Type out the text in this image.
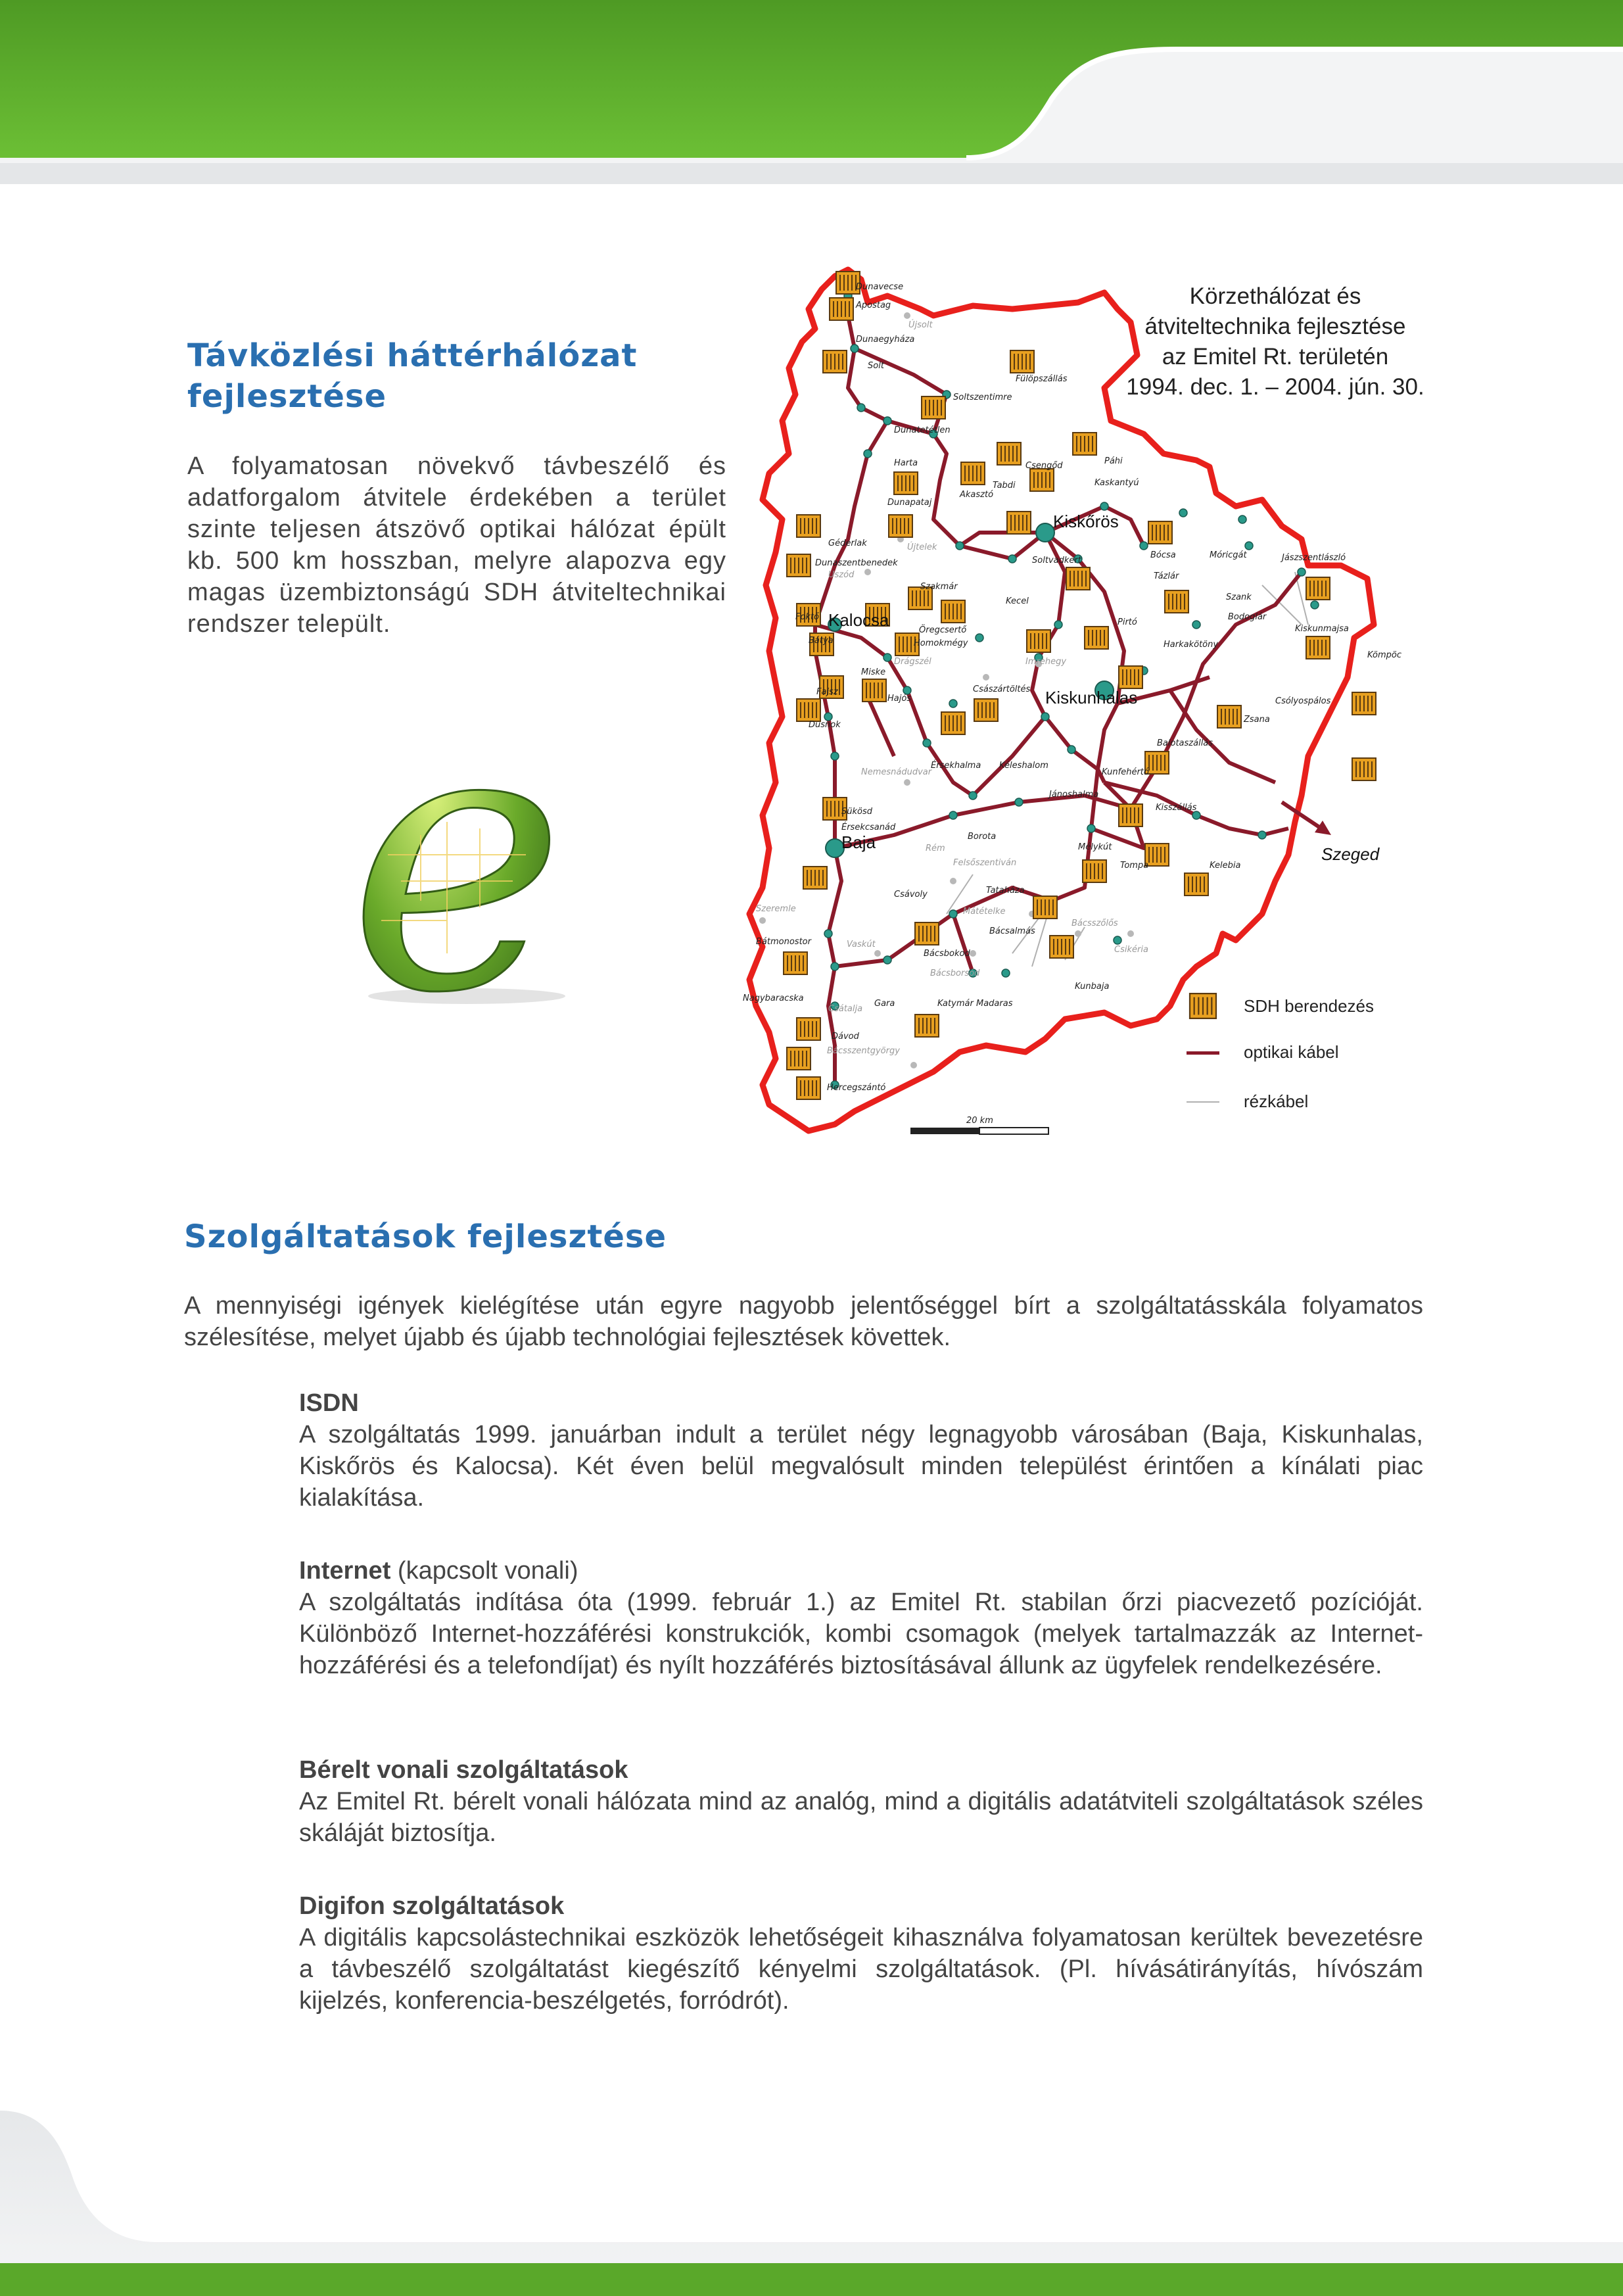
Távközlési háttérhálózat fejlesztése
A folyamatosan növekvő távbeszélő és adatforgalom átvitele érdekében a terület szinte teljesen átszövő optikai hálózat épült kb. 500 km hosszban, melyre alapozva egy magas üzembiztonságú SDH átviteltechnikai rendszer települt.
e
Kiskőrös
Kalocsa
Kiskunhalas
Baja
Szeged
Dunavecse
Apostag
Újsolt
Dunaegyháza
Solt
Fülöpszállás
Soltszentimre
Dunatetétlen
Harta	Csengőd	Páhi
Tabdi
Akasztó
Kaskantyú
Dunapataj
Géderlak	Újtelek
Dunaszentbenedek
Uszód
Soltvadkert
Bócsa	Móricgát	Jászszentlászló
Szakmár
Kecel
Tázlár
Szank
Bodoglár
Foktő
Öregcsertő
Pirtó
Kiskunmajsa
Bátya	Homokmégy	Harkakötöny
Kömpöc
Drágszél	Imrehegy
Miske
Császártöltés
Csólyospálos
Fajsz
Hajós
Zsana
Dusnok
Balotaszállás
Nemesnádudvar
Érsekhalma Kéleshalom
Kunfehértó
Sükösd
Jánoshalma
Érsekcsanád
Kisszállás
Borota
Rém	Mélykút
Felsőszentiván	Tompa	Kelebia
Szeremle
Csávoly	Tataháza
Mátételke
Bácsalmás
Bácsszőlős
Bátmonostor	Vaskút
Csikéria
Bácsbokod
Bácsborsód
Kunbaja
Nagybaracska
Csátalja
Gara	Katymár Madaras
Dávod
Bácsszentgyörgy
Hercegszántó
20 km
Körzethálózat és
átviteltechnika fejlesztése
az Emitel Rt. területén
1994. dec. 1. – 2004. jún. 30.
SDH berendezés
optikai kábel
rézkábel
Szolgáltatások fejlesztése
A mennyiségi igények kielégítése után egyre nagyobb jelentőséggel bírt a szolgáltatásskála folyamatos szélesítése, melyet újabb és újabb technológiai fejlesztések követtek.
ISDN

A szolgáltatás 1999. januárban indult a terület négy legnagyobb városában (Baja, Kiskunhalas, Kiskőrös és Kalocsa). Két éven belül megvalósult minden települést érintően a kínálati piac kialakítása.

Internet (kapcsolt vonali)

A szolgáltatás indítása óta (1999. február 1.) az Emitel Rt. stabilan őrzi piacvezető pozícióját. Különböző Internet-hozzáférési konstrukciók, kombi csomagok (melyek tartalmazzák az Internet-hozzáférési és a telefondíjat) és nyílt hozzáférés biztosításával állunk az ügyfelek rendelkezésére.

Bérelt vonali szolgáltatások

Az Emitel Rt. bérelt vonali hálózata mind az analóg, mind a digitális adatátviteli szolgáltatások széles skáláját biztosítja.

Digifon szolgáltatások

A digitális kapcsolástechnikai eszközök lehetőségeit kihasználva folyamatosan kerültek bevezetésre a távbeszélő szolgáltatást kiegészítő kényelmi szolgáltatások. (Pl. hívásátirányítás, hívószám kijelzés, konferencia-beszélgetés, forródrót).
